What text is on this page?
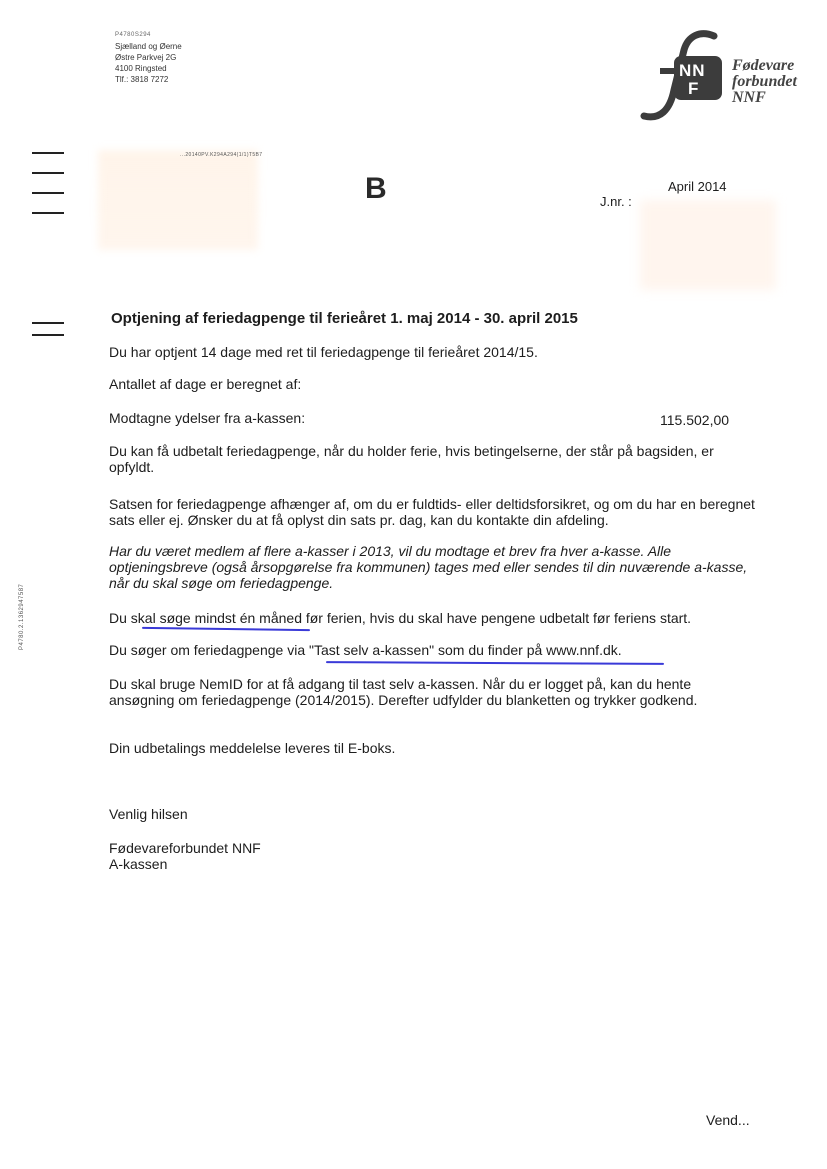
P4780S294
Sjælland og Øerne
Østre Parkvej 2G
4100 Ringsted
Tlf.: 3818 7272	NN
F
Fødevare
forbundet
NNF
...20140PV.K294A294(1/1)T5B7
B	April 2014
J.nr. :
P4780.2.1362947587
Optjening af feriedagpenge til ferieåret 1. maj 2014 - 30. april 2015
Du har optjent 14 dage med ret til feriedagpenge til ferieåret 2014/15.
Antallet af dage er beregnet af:
Modtagne ydelser fra a-kassen:	115.502,00
Du kan få udbetalt feriedagpenge, når du holder ferie, hvis betingelserne, der står på bagsiden, er opfyldt.
Satsen for feriedagpenge afhænger af, om du er fuldtids- eller deltidsforsikret, og om du har en beregnet sats eller ej. Ønsker du at få oplyst din sats pr. dag, kan du kontakte din afdeling.
Har du været medlem af flere a-kasser i 2013, vil du modtage et brev fra hver a-kasse. Alle optjeningsbreve (også årsopgørelse fra kommunen) tages med eller sendes til din nuværende a-kasse, når du skal søge om feriedagpenge.
Du skal søge mindst én måned før ferien, hvis du skal have pengene udbetalt før feriens start.
Du søger om feriedagpenge via "Tast selv a-kassen" som du finder på www.nnf.dk.
Du skal bruge NemID for at få adgang til tast selv a-kassen. Når du er logget på, kan du hente ansøgning om feriedagpenge (2014/2015). Derefter udfylder du blanketten og trykker godkend.
Din udbetalings meddelelse leveres til E-boks.
Venlig hilsen
Fødevareforbundet NNF
A-kassen
Vend...
